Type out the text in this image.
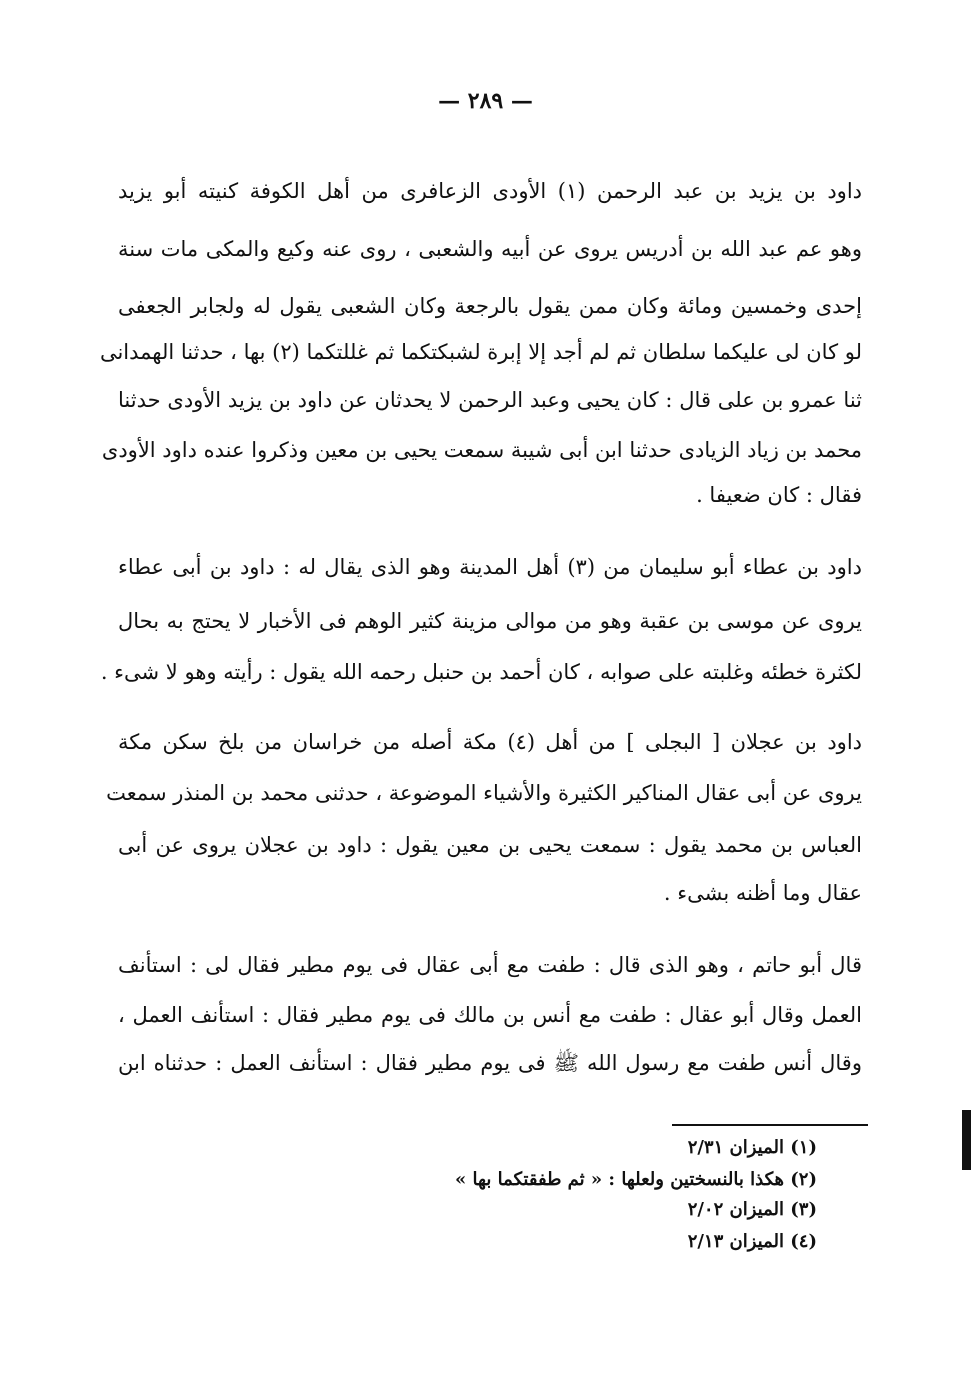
— ٢٨٩ —
داود بن يزيد بن عبد الرحمن (١) الأودى الزعافرى من أهل الكوفة كنيته أبو يزيد
وهو عم عبد الله بن أدريس يروى عن أبيه والشعبى ، روى عنه وكيع والمكى مات سنة
إحدى وخمسين ومائة وكان ممن يقول بالرجعة وكان الشعبى يقول له ولجابر الجعفى
لو كان لى عليكما سلطان ثم لم أجد إلا إبرة لشبكتكما ثم غللتكما (٢) بها ، حدثنا الهمدانى
ثنا عمرو بن على قال : كان يحيى وعبد الرحمن لا يحدثان عن داود بن يزيد الأودى حدثنا
محمد بن زياد الزيادى حدثنا ابن أبى شيبة سمعت يحيى بن معين وذكروا عنده داود الأودى
فقال : كان ضعيفا .
داود بن عطاء أبو سليمان من (٣) أهل المدينة وهو الذى يقال له : داود بن أبى عطاء
يروى عن موسى بن عقبة وهو من موالى مزينة كثير الوهم فى الأخبار لا يحتج به بحال
لكثرة خطئه وغلبته على صوابه ، كان أحمد بن حنبل رحمه الله يقول : رأيته وهو لا شىء .
داود بن عجلان [ البجلى ] من أهل (٤) مكة أصله من خراسان من بلخ سكن مكة
يروى عن أبى عقال المناكير الكثيرة والأشياء الموضوعة ، حدثنى محمد بن المنذر سمعت
العباس بن محمد يقول : سمعت يحيى بن معين يقول : داود بن عجلان يروى عن أبى
عقال وما أظنه بشىء .
قال أبو حاتم ، وهو الذى قال : طفت مع أبى عقال فى يوم مطير فقال لى : استأنف
العمل وقال أبو عقال : طفت مع أنس بن مالك فى يوم مطير فقال : استأنف العمل ،
وقال أنس طفت مع رسول الله ﷺ فى يوم مطير فقال : استأنف العمل : حدثناه ابن
(١) الميزان ٢/٣١
(٢) هكذا بالنسختين ولعلها : « ثم طفقتكما بها »
(٣) الميزان ٢/٠٢
(٤) الميزان ٢/١٣
